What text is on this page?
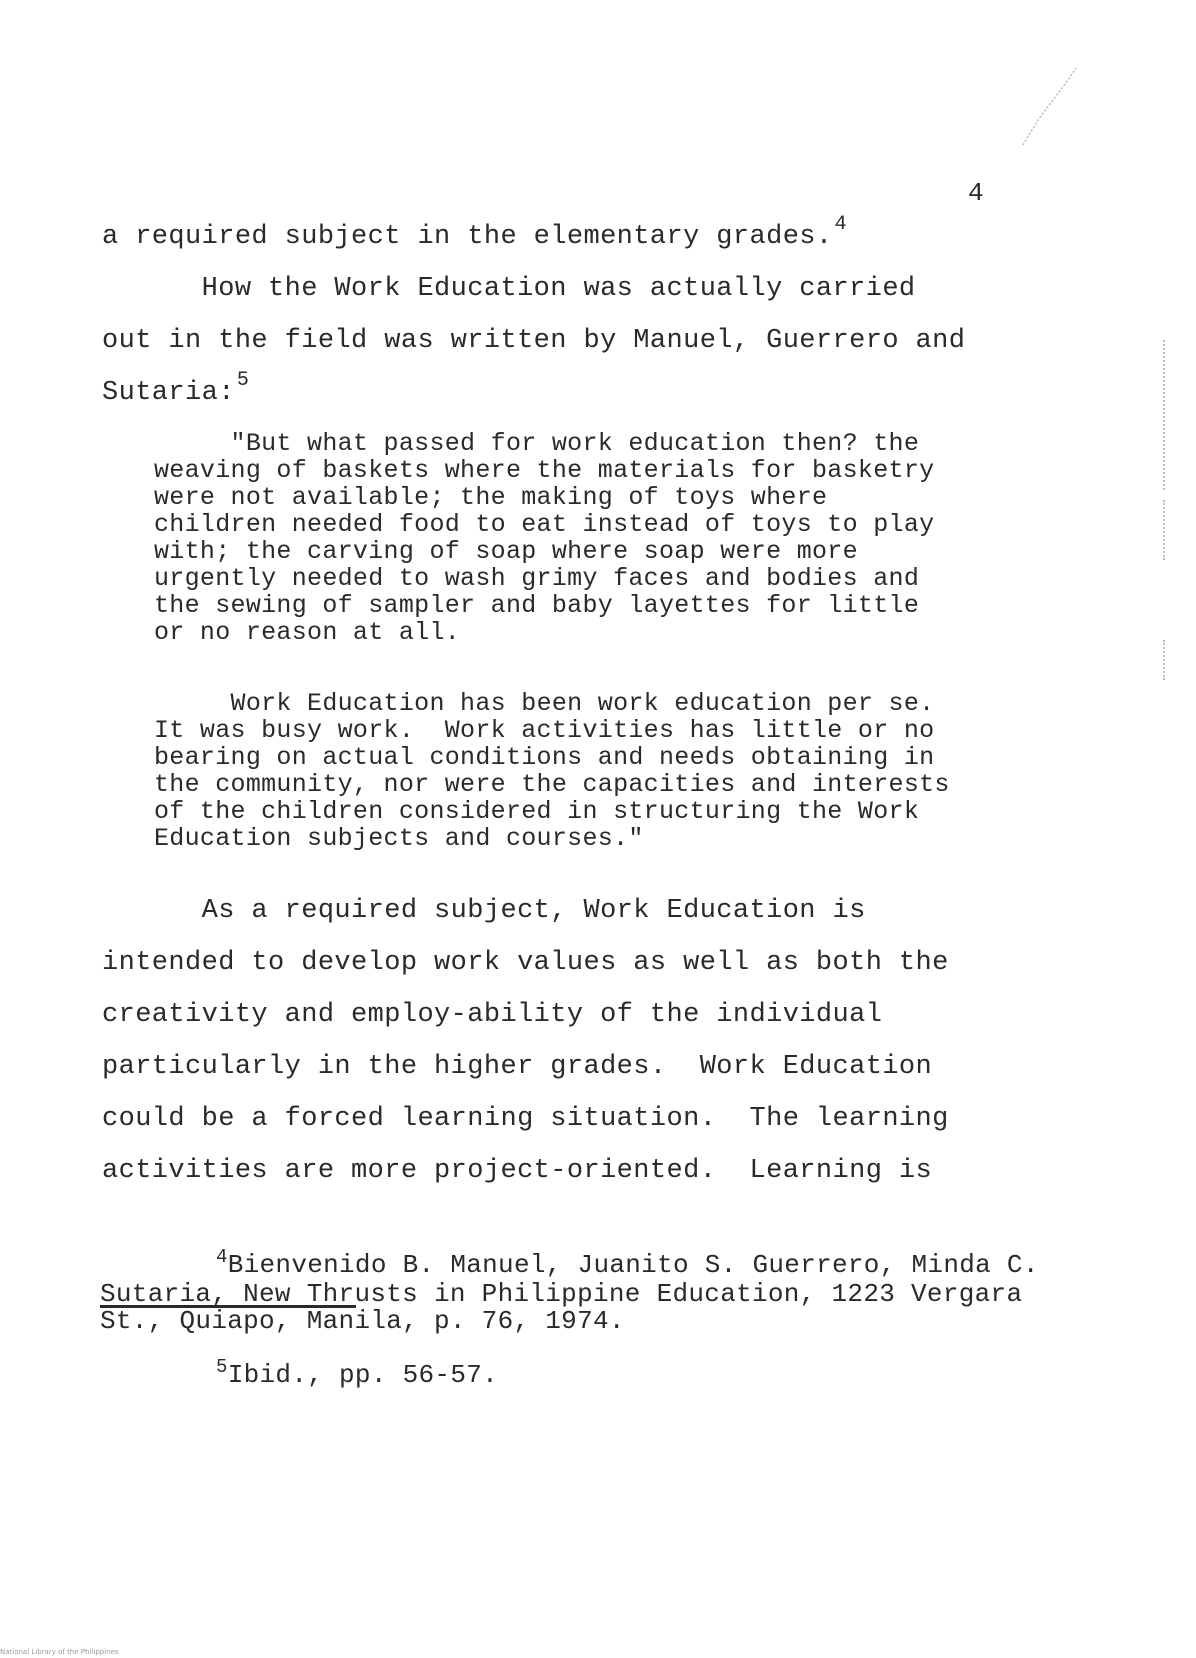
4
a required subject in the elementary grades. $^4$
How the Work Education was actually carried
out in the field was written by Manuel, Guerrero and
Sutaria: $^5$
"But what passed for work education then? the weaving of baskets where the materials for basketry were not available; the making of toys where children needed food to eat instead of toys to play with; the carving of soap where soap were more urgently needed to wash grimy faces and bodies and the sewing of sampler and baby layettes for little or no reason at all.
Work Education has been work education per se.  It was busy work.  Work activities has little or no bearing on actual conditions and needs obtaining in the community, nor were the capacities and interests of the children considered in structuring the Work Education subjects and courses."
As a required subject, Work Education is
intended to develop work values as well as both the
creativity and employ-ability of the individual
particularly in the higher grades.  Work Education
could be a forced learning situation.  The learning
activities are more project-oriented.  Learning is
$^4$Bienvenido B. Manuel, Juanito S. Guerrero, Minda C. Sutaria, New Thrusts in Philippine Education, 1223 Vergara St., Quiapo, Manila, p. 76, 1974.
$^5$Ibid., pp. 56-57.
National Library of the Philippines
